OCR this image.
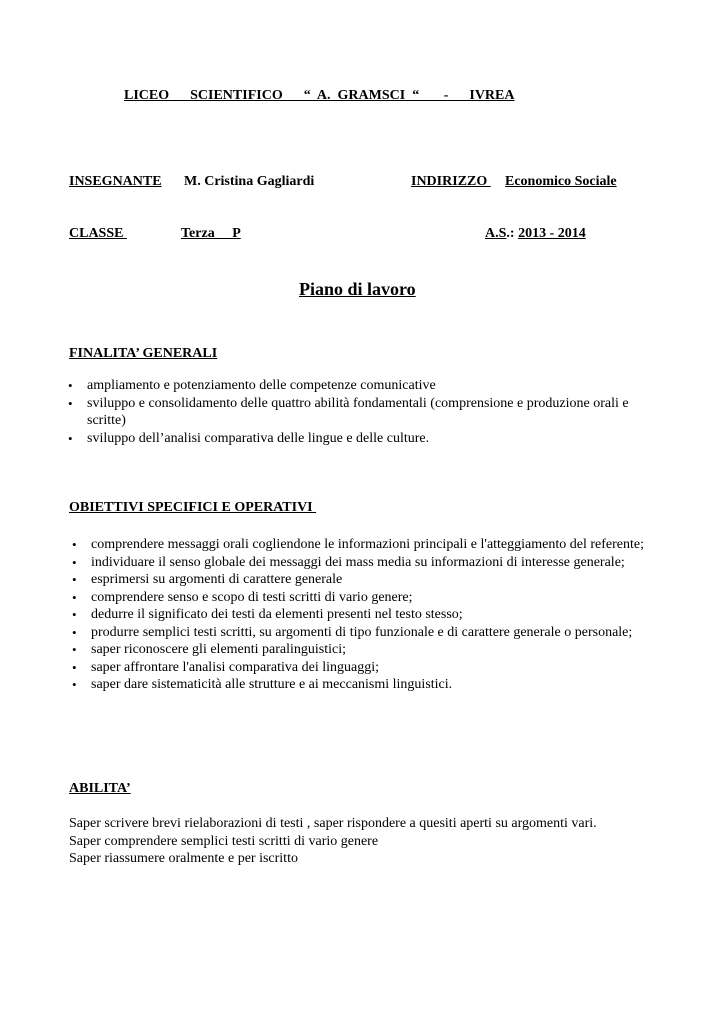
LICEO      SCIENTIFICO      “  A.  GRAMSCI  “       -      IVREA
INSEGNANTE M. Cristina Gagliardi	INDIRIZZO Economico Sociale
CLASSE	Terza     P	A.S.: 2013 - 2014
Piano di lavoro
FINALITA’ GENERALI
• ampliamento e potenziamento delle competenze comunicative
• sviluppo e consolidamento delle quattro abilità fondamentali (comprensione e produzione orali e scritte)
• sviluppo dell’analisi comparativa delle lingue e delle culture.
OBIETTIVI SPECIFICI E OPERATIVI
• comprendere messaggi orali cogliendone le informazioni principali e l'atteggiamento del referente;
• individuare il senso globale dei messaggi dei mass media su informazioni di interesse generale;
• esprimersi su argomenti di carattere generale
• comprendere senso e scopo di testi scritti di vario genere;
• dedurre il significato dei testi da elementi presenti nel testo stesso;
• produrre semplici testi scritti, su argomenti di tipo funzionale e di carattere generale o personale;
• saper riconoscere gli elementi paralinguistici;
• saper affrontare l'analisi comparativa dei linguaggi;
• saper dare sistematicità alle strutture e ai meccanismi linguistici.
ABILITA’
Saper scrivere brevi rielaborazioni di testi , saper rispondere a quesiti aperti su argomenti vari.
Saper comprendere semplici testi scritti di vario genere
Saper riassumere oralmente e per iscritto
